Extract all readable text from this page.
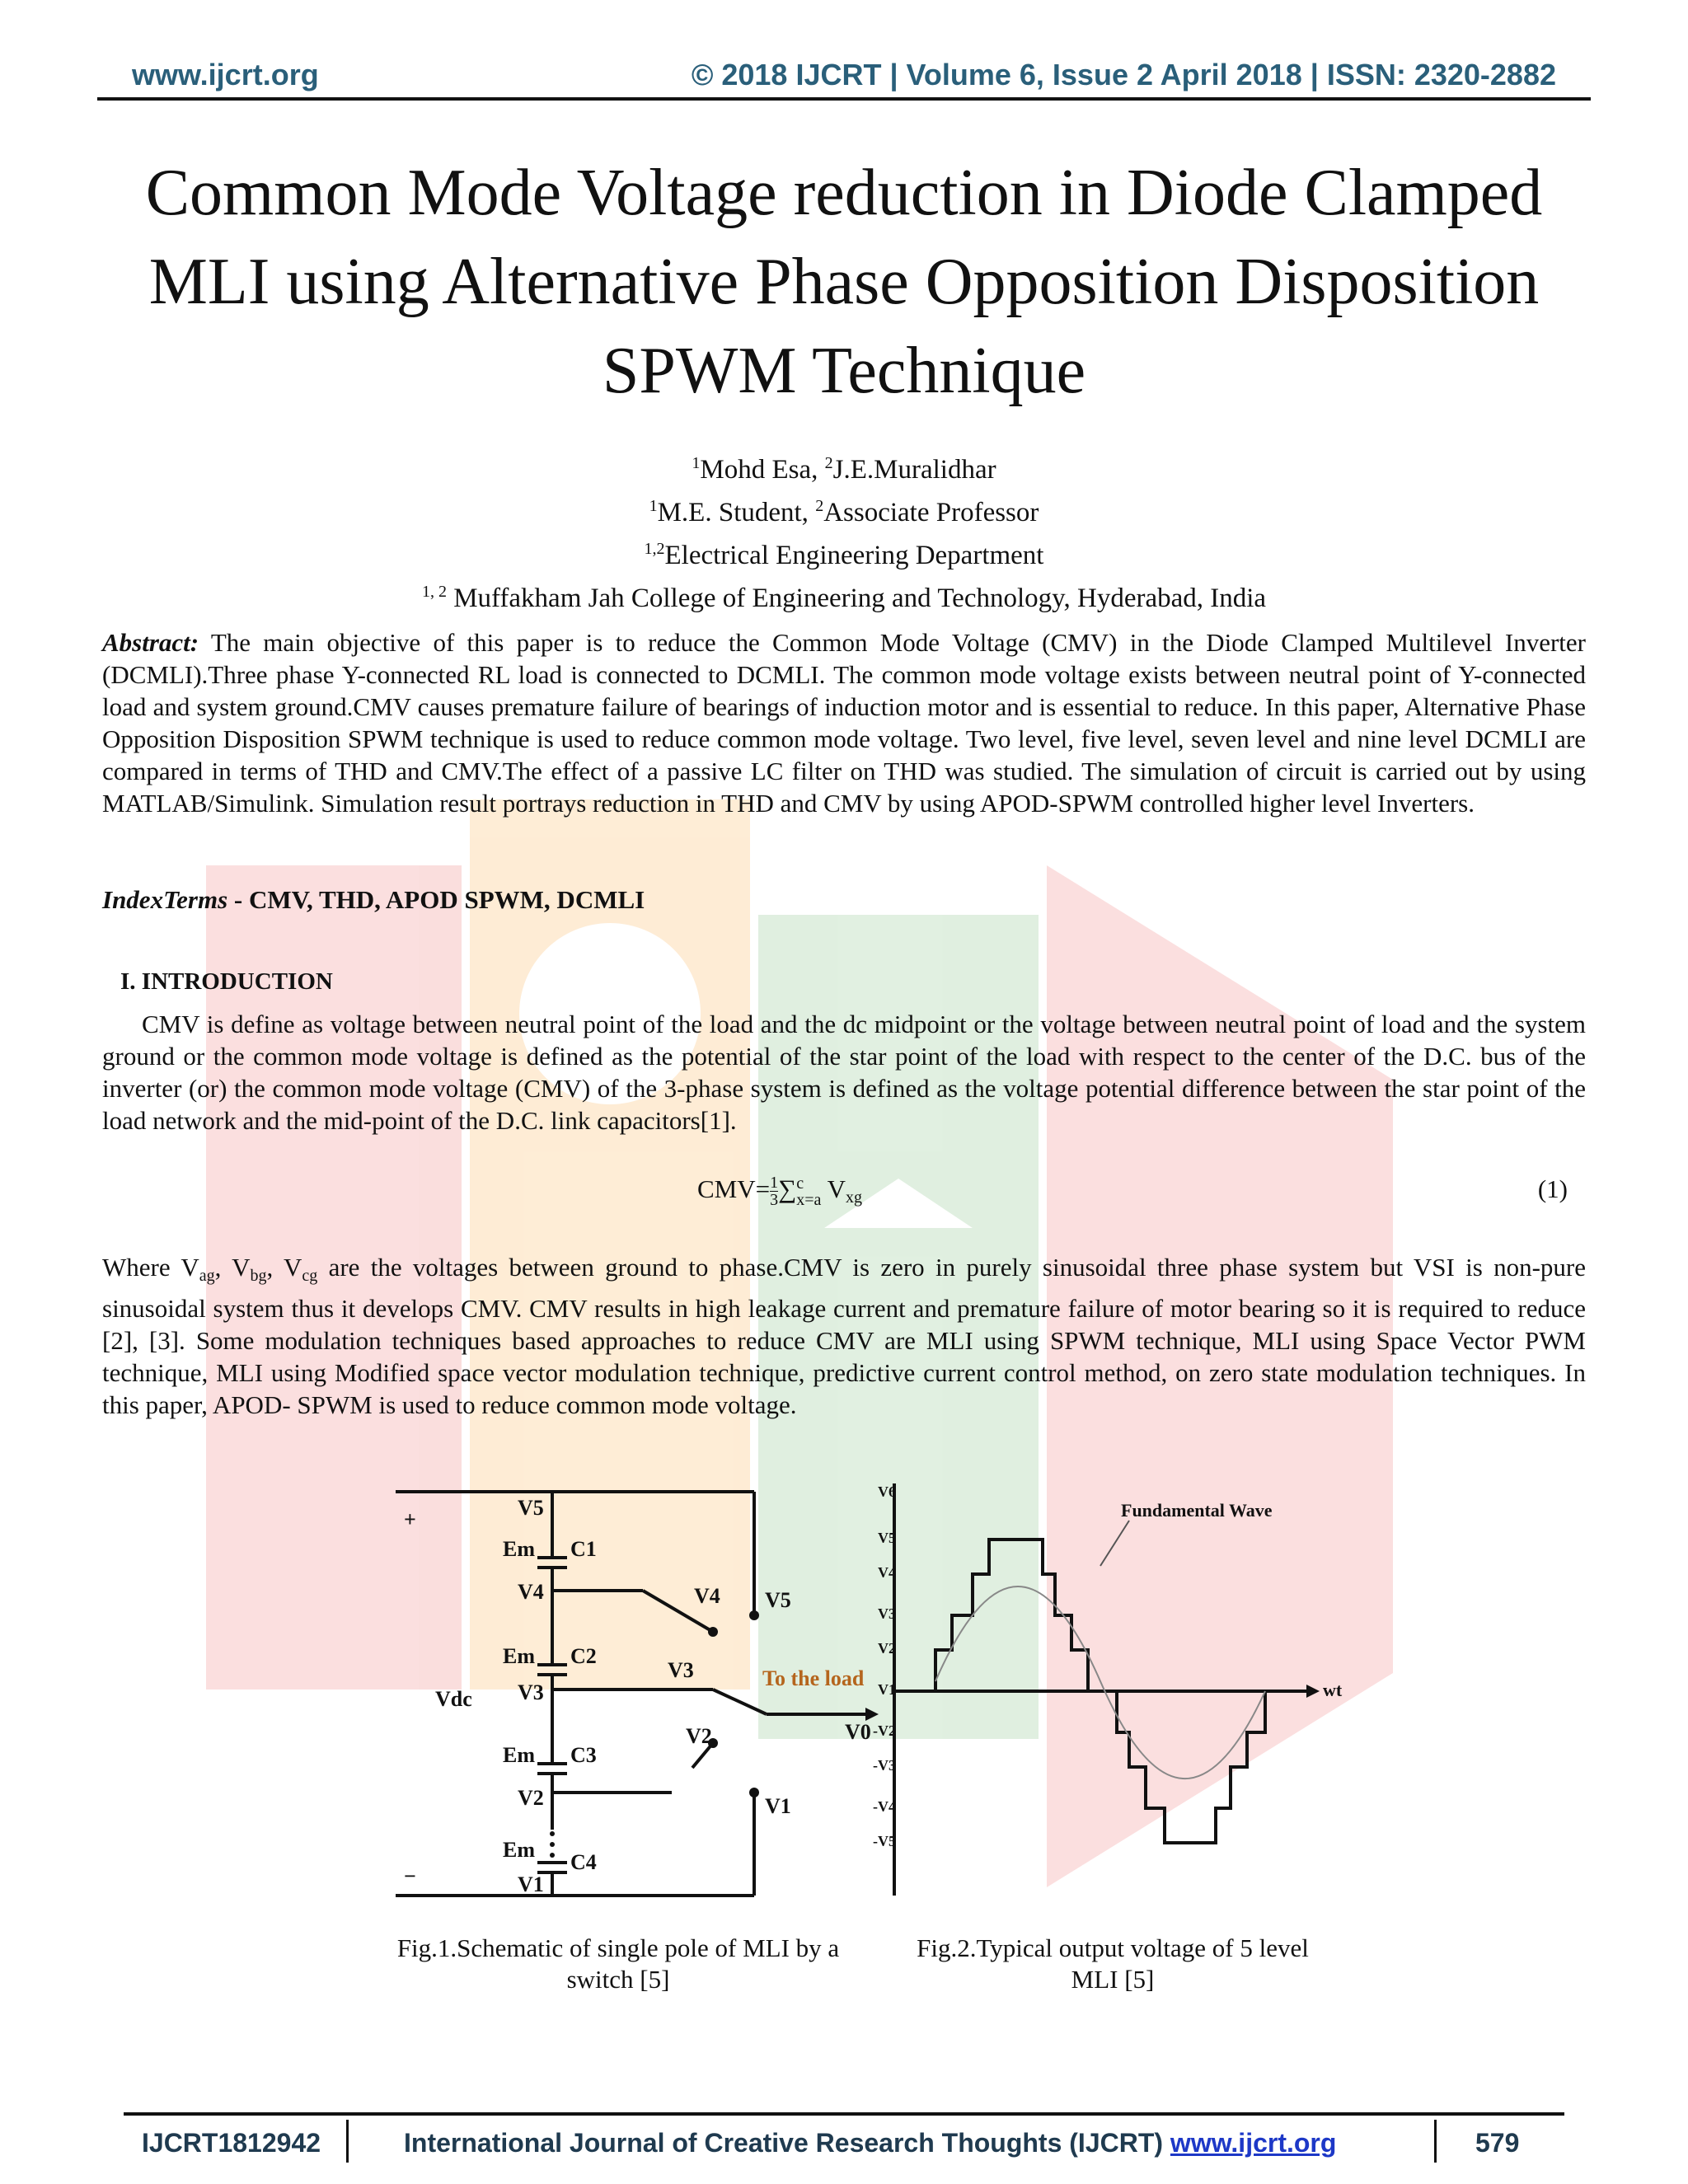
www.ijcrt.org	© 2018 IJCRT | Volume 6, Issue 2 April 2018 | ISSN: 2320-2882
Common Mode Voltage reduction in Diode Clamped MLI using Alternative Phase Opposition Disposition SPWM Technique
$^1$Mohd Esa, $^2$J.E.Muralidhar
$^1$M.E. Student, $^2$Associate Professor
$^{1,2}$Electrical Engineering Department
$^{1, 2}$ Muffakham Jah College of Engineering and Technology, Hyderabad, India
Abstract: The main objective of this paper is to reduce the Common Mode Voltage (CMV) in the Diode Clamped Multilevel Inverter (DCMLI).Three phase Y-connected RL load is connected to DCMLI. The common mode voltage exists between neutral point of Y-connected load and system ground.CMV causes premature failure of bearings of induction motor and is essential to reduce. In this paper, Alternative Phase Opposition Disposition SPWM technique is used to reduce common mode voltage. Two level, five level, seven level and nine level DCMLI are compared in terms of THD and CMV.The effect of a passive LC filter on THD was studied. The simulation of circuit is carried out by using MATLAB/Simulink. Simulation result portrays reduction in THD and CMV by using APOD-SPWM controlled higher level Inverters.
IndexTerms - CMV, THD, APOD SPWM, DCMLI
I. INTRODUCTION
CMV is define as voltage between neutral point of the load and the dc midpoint or the voltage between neutral point of load and the system ground or the common mode voltage is defined as the potential of the star point of the load with respect to the center of the D.C. bus of the inverter (or) the common mode voltage (CMV) of the 3-phase system is defined as the voltage potential difference between the star point of the load network and the mid-point of the D.C. link capacitors[1].
$CMV= \frac{1}{3}$ ∑ c
x=a $V_{xg}$	(1)
Where $V_{ag}$, $V_{bg}$, $V_{cg}$ are the voltages between ground to phase.CMV is zero in purely sinusoidal three phase system but VSI is non-pure sinusoidal system thus it develops CMV. CMV results in high leakage current and premature failure of motor bearing so it is required to reduce [2], [3]. Some modulation techniques based approaches to reduce CMV are MLI using SPWM technique, MLI using Space Vector PWM technique, MLI using Modified space vector modulation technique, predictive current control method, on zero state modulation techniques. In this paper, APOD- SPWM is used to reduce common mode voltage.
+
−
Vdc
V5
Em C1
V4
Em C2
V3
Em C3
V2
Em
C4
V1
V4
V3
V2
V5
V1
V0
To the load
V6
V5
V4
V3
V2
V1
-V2
-V3
-V4
-V5
wt
Fundamental Wave
Fig.1.Schematic of single pole of MLI by a switch [5]
Fig.2.Typical output voltage of 5 level MLI [5]
IJCRT1812942	International Journal of Creative Research Thoughts (IJCRT) www.ijcrt.org	579
